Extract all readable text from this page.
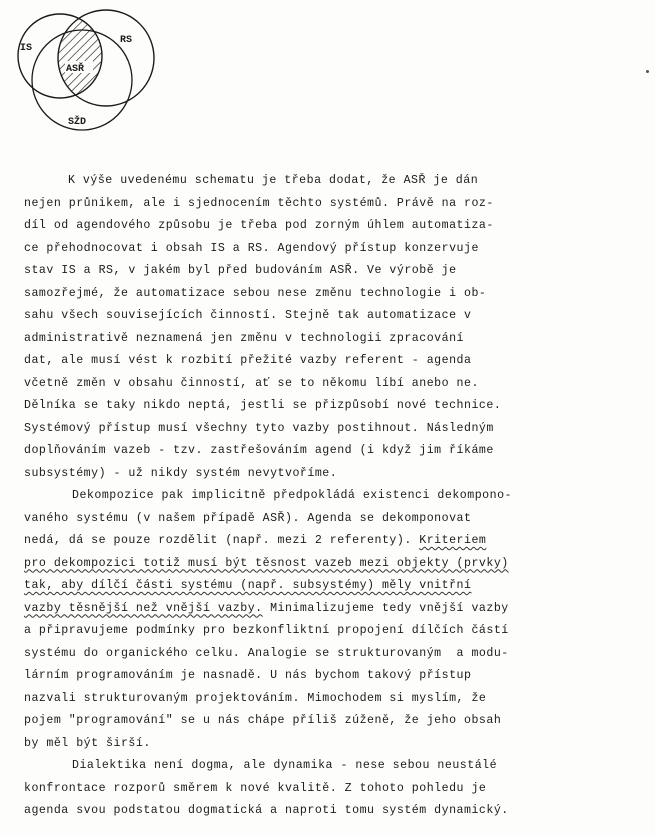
IS
RS
ASŘ
SŽD
K výše uvedenému schematu je třeba dodat, že ASŘ je dán
nejen průnikem, ale i sjednocením těchto systémů. Právě na roz-
díl od agendového způsobu je třeba pod zorným úhlem automatiza-
ce přehodnocovat i obsah IS a RS. Agendový přístup konzervuje
stav IS a RS, v jakém byl před budováním ASŘ. Ve výrobě je
samozřejmé, že automatizace sebou nese změnu technologie i ob-
sahu všech souvisejících činností. Stejně tak automatizace v
administrativě neznamená jen změnu v technologii zpracování
dat, ale musí vést k rozbití přežité vazby referent - agenda
včetně změn v obsahu činností, ať se to někomu líbí anebo ne.
Dělníka se taky nikdo neptá, jestli se přizpůsobí nové technice.
Systémový přístup musí všechny tyto vazby postihnout. Následným
doplňováním vazeb - tzv. zastřešováním agend (i když jim říkáme
subsystémy) - už nikdy systém nevytvoříme.
Dekompozice pak implicitně předpokládá existenci dekompono-
vaného systému (v našem případě ASŘ). Agenda se dekomponovat
nedá, dá se pouze rozdělit (např. mezi 2 referenty). Kriteriem
pro dekompozici totiž musí být těsnost vazeb mezi objekty (prvky)
tak, aby dílčí části systému (např. subsystémy) měly vnitřní
vazby těsnější než vnější vazby. Minimalizujeme tedy vnější vazby
a připravujeme podmínky pro bezkonfliktní propojení dílčích částí
systému do organického celku. Analogie se strukturovaným  a modu-
lárním programováním je nasnadě. U nás bychom takový přístup
nazvali strukturovaným projektováním. Mimochodem si myslím, že
pojem "programování" se u nás chápe příliš zúženě, že jeho obsah
by měl být širší.
Dialektika není dogma, ale dynamika - nese sebou neustálé
konfrontace rozporů směrem k nové kvalitě. Z tohoto pohledu je
agenda svou podstatou dogmatická a naproti tomu systém dynamický.
